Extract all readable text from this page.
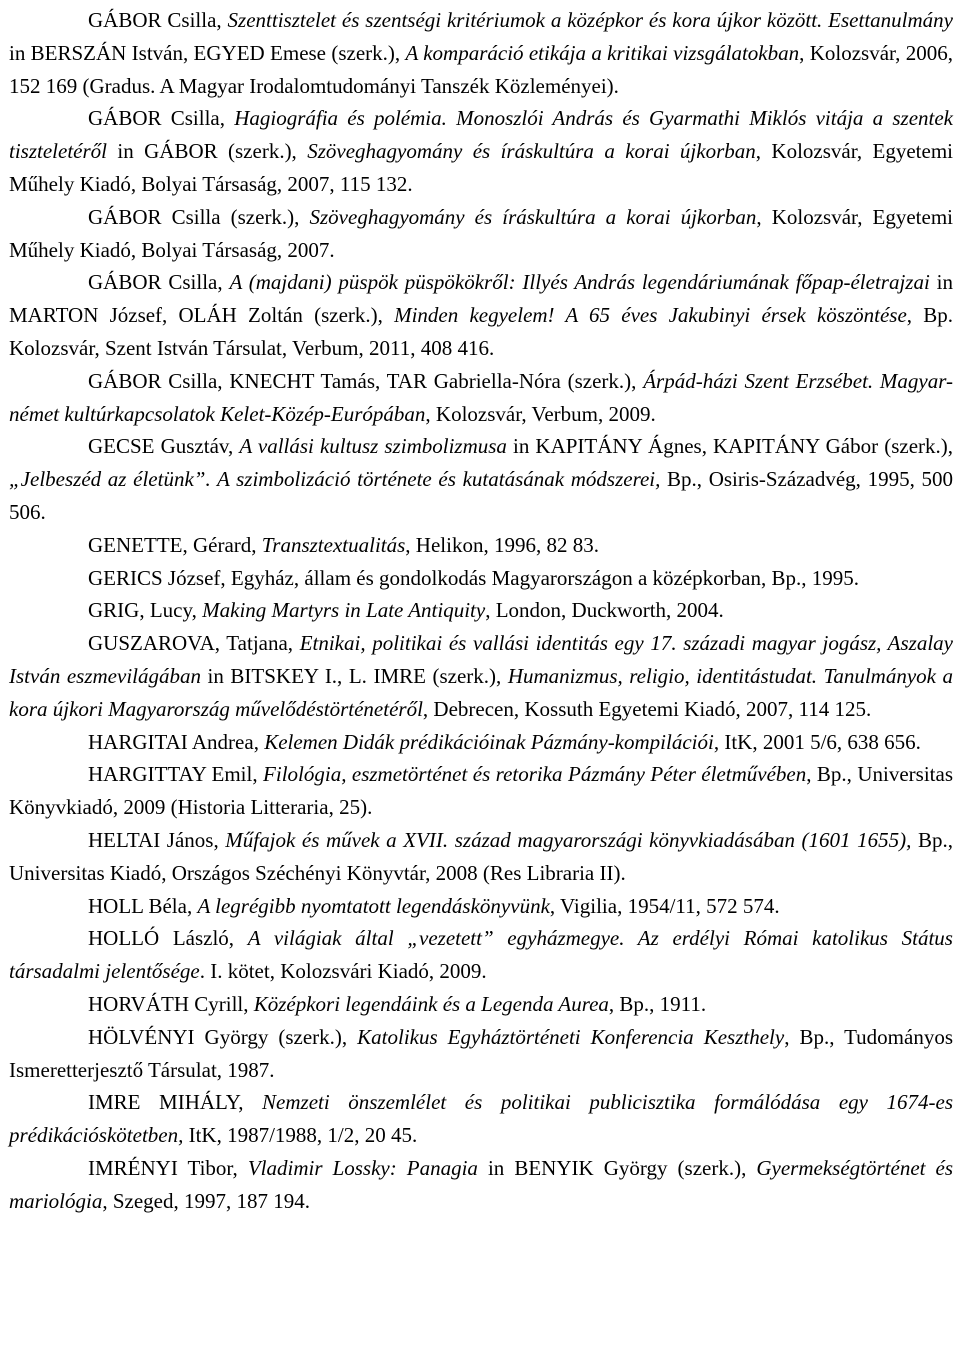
GÁBOR Csilla, Szenttisztelet és szentségi kritériumok a középkor és kora újkor között. Esettanulmány in BERSZÁN István, EGYED Emese (szerk.), A komparáció etikája a kritikai vizsgálatokban, Kolozsvár, 2006, 152 169 (Gradus. A Magyar Irodalomtudományi Tanszék Közleményei).

GÁBOR Csilla, Hagiográfia és polémia. Monoszlói András és Gyarmathi Miklós vitája a szentek tiszteletéről in GÁBOR (szerk.), Szöveghagyomány és íráskultúra a korai újkorban, Kolozsvár, Egyetemi Műhely Kiadó, Bolyai Társaság, 2007, 115 132.

GÁBOR Csilla (szerk.), Szöveghagyomány és íráskultúra a korai újkorban, Kolozsvár, Egyetemi Műhely Kiadó, Bolyai Társaság, 2007.

GÁBOR Csilla, A (majdani) püspök püspökökről: Illyés András legendáriumának főpap-életrajzai in MARTON József, OLÁH Zoltán (szerk.), Minden kegyelem! A 65 éves Jakubinyi érsek köszöntése, Bp. Kolozsvár, Szent István Társulat, Verbum, 2011, 408 416.

GÁBOR Csilla, KNECHT Tamás, TAR Gabriella-Nóra (szerk.), Árpád-házi Szent Erzsébet. Magyar-német kultúrkapcsolatok Kelet-Közép-Európában, Kolozsvár, Verbum, 2009.

GECSE Gusztáv, A vallási kultusz szimbolizmusa in KAPITÁNY Ágnes, KAPITÁNY Gábor (szerk.), „Jelbeszéd az életünk”. A szimbolizáció története és kutatásának módszerei, Bp., Osiris-Századvég, 1995, 500 506.

GENETTE, Gérard, Transztextualitás, Helikon, 1996, 82 83.

GERICS József, Egyház, állam és gondolkodás Magyarországon a középkorban, Bp., 1995.

GRIG, Lucy, Making Martyrs in Late Antiquity, London, Duckworth, 2004.

GUSZAROVA, Tatjana, Etnikai, politikai és vallási identitás egy 17. századi magyar jogász, Aszalay István eszmevilágában in BITSKEY I., L. IMRE (szerk.), Humanizmus, religio, identitástudat. Tanulmányok a kora újkori Magyarország művelődéstörténetéről, Debrecen, Kossuth Egyetemi Kiadó, 2007, 114 125.

HARGITAI Andrea, Kelemen Didák prédikációinak Pázmány-kompilációi, ItK, 2001 5/6, 638 656.

HARGITTAY Emil, Filológia, eszmetörténet és retorika Pázmány Péter életművében, Bp., Universitas Könyvkiadó, 2009 (Historia Litteraria, 25).

HELTAI János, Műfajok és művek a XVII. század magyarországi könyvkiadásában (1601 1655), Bp., Universitas Kiadó, Országos Széchényi Könyvtár, 2008 (Res Libraria II).

HOLL Béla, A legrégibb nyomtatott legendáskönyvünk, Vigilia, 1954/11, 572 574.

HOLLÓ László, A világiak által „vezetett” egyházmegye. Az erdélyi Római katolikus Státus társadalmi jelentősége. I. kötet, Kolozsvári Kiadó, 2009.

HORVÁTH Cyrill, Középkori legendáink és a Legenda Aurea, Bp., 1911.

HÖLVÉNYI György (szerk.), Katolikus Egyháztörténeti Konferencia Keszthely, Bp., Tudományos Ismeretterjesztő Társulat, 1987.

IMRE MIHÁLY, Nemzeti önszemlélet és politikai publicisztika formálódása egy 1674-es prédikációskötetben, ItK, 1987/1988, 1/2, 20 45.

IMRÉNYI Tibor, Vladimir Lossky: Panagia in BENYIK György (szerk.), Gyermekségtörténet és mariológia, Szeged, 1997, 187 194.
